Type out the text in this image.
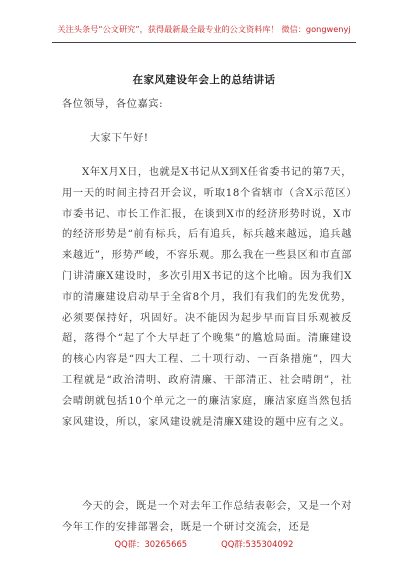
关注头条号“公文研究”，获得最新最全最专业的公文资料库！ 微信：gongwenyj
在家风建设年会上的总结讲话
各位领导，各位嘉宾:
大家下午好!
X年X月X日，也就是X书记从X到X任省委书记的第7天，用一天的时间主持召开会议，听取18个省辖市（含X示范区）市委书记、市长工作汇报，在谈到X市的经济形势时说，X市的经济形势是“前有标兵，后有追兵，标兵越来越远，追兵越来越近”，形势严峻，不容乐观。那么我在一些县区和市直部门讲清廉X建设时，多次引用X书记的这个比喻。因为我们X市的清廉建设启动早于全省8个月，我们有我们的先发优势，必须要保持好，巩固好。决不能因为起步早而盲目乐观被反超，落得个“起了个大早赶了个晚集”的尴尬局面。清廉建设的核心内容是“四大工程、二十项行动、一百条措施”，四大工程就是“政治清明、政府清廉、干部清正、社会晴朗”，社会晴朗就包括10个单元之一的廉洁家庭，廉洁家庭当然包括家风建设，所以，家风建设就是清廉X建设的题中应有之义。
今天的会，既是一个对去年工作总结表彰会，又是一个对今年工作的安排部署会，既是一个研讨交流会，还是
QQ群：30265665	QQ群:535304092
